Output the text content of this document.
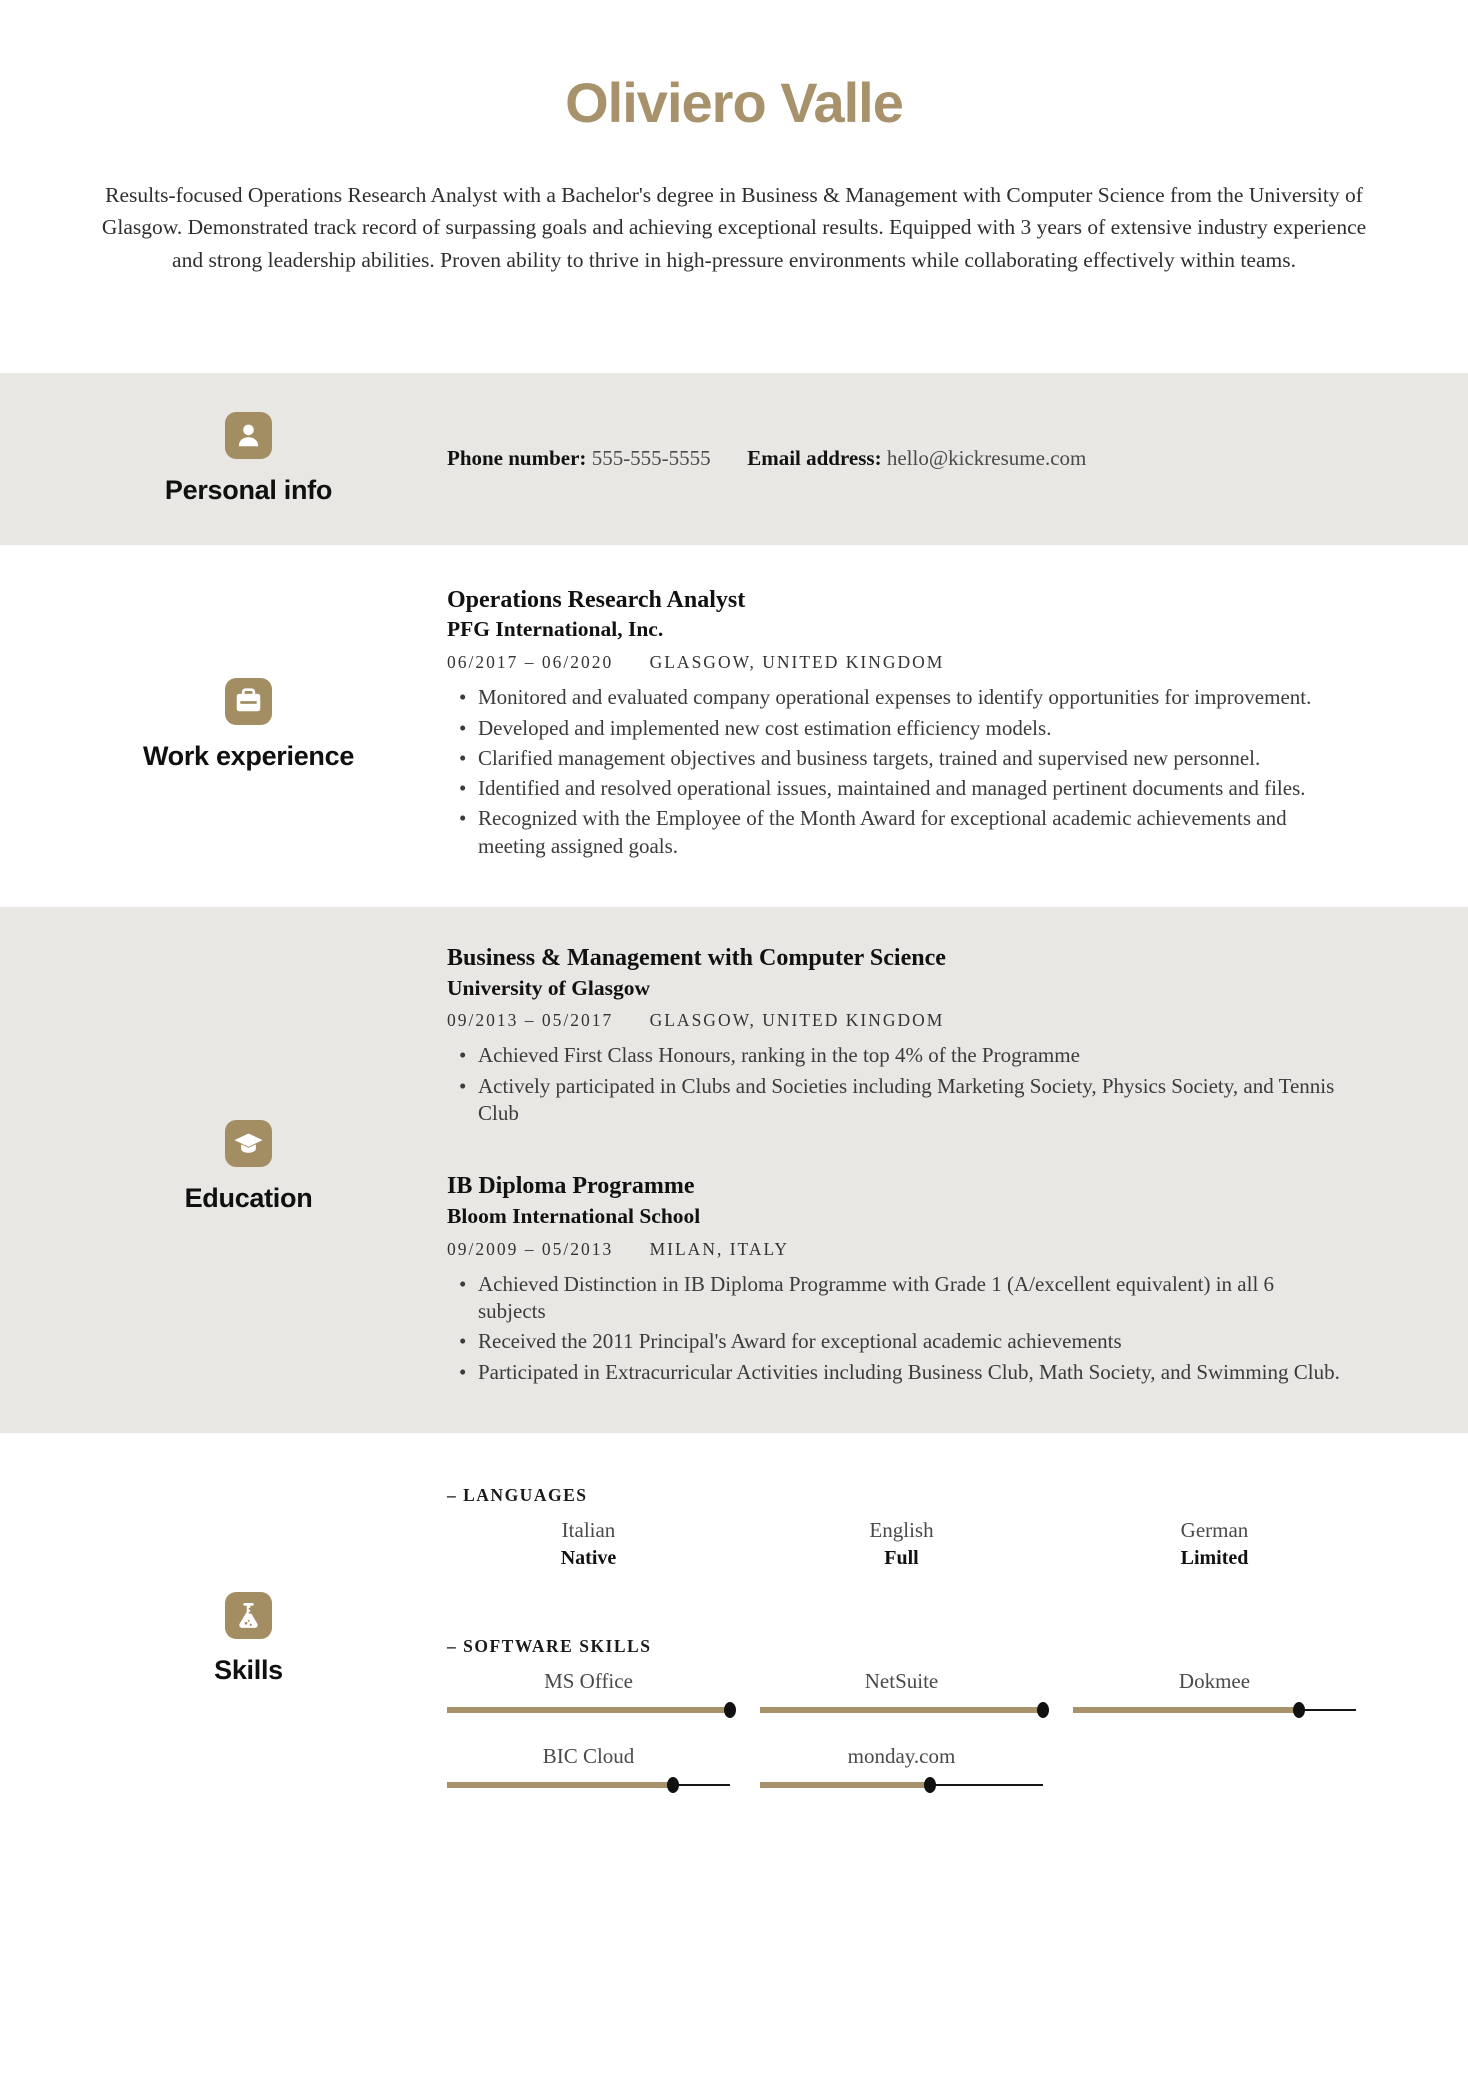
Oliviero Valle

Results-focused Operations Research Analyst with a Bachelor's degree in Business & Management with Computer Science from the University of Glasgow. Demonstrated track record of surpassing goals and achieving exceptional results. Equipped with 3 years of extensive industry experience and strong leadership abilities. Proven ability to thrive in high-pressure environments while collaborating effectively within teams.

Personal info
Phone number: 555-555-5555 Email address: hello@kickresume.com
Work experience
Operations Research Analyst
PFG International, Inc.
06/2017 – 06/2020 GLASGOW, UNITED KINGDOM
• Monitored and evaluated company operational expenses to identify opportunities for improvement.
• Developed and implemented new cost estimation efficiency models.
• Clarified management objectives and business targets, trained and supervised new personnel.
• Identified and resolved operational issues, maintained and managed pertinent documents and files.
• Recognized with the Employee of the Month Award for exceptional academic achievements and meeting assigned goals.
Education
Business & Management with Computer Science
University of Glasgow
09/2013 – 05/2017 GLASGOW, UNITED KINGDOM
• Achieved First Class Honours, ranking in the top 4% of the Programme
• Actively participated in Clubs and Societies including Marketing Society, Physics Society, and Tennis Club
IB Diploma Programme
Bloom International School
09/2009 – 05/2013 MILAN, ITALY
• Achieved Distinction in IB Diploma Programme with Grade 1 (A/excellent equivalent) in all 6 subjects
• Received the 2011 Principal's Award for exceptional academic achievements
• Participated in Extracurricular Activities including Business Club, Math Society, and Swimming Club.
Skills
– LANGUAGES
Italian
Native
English
Full
German
Limited
– SOFTWARE SKILLS
MS Office	NetSuite	Dokmee
BIC Cloud	monday.com
